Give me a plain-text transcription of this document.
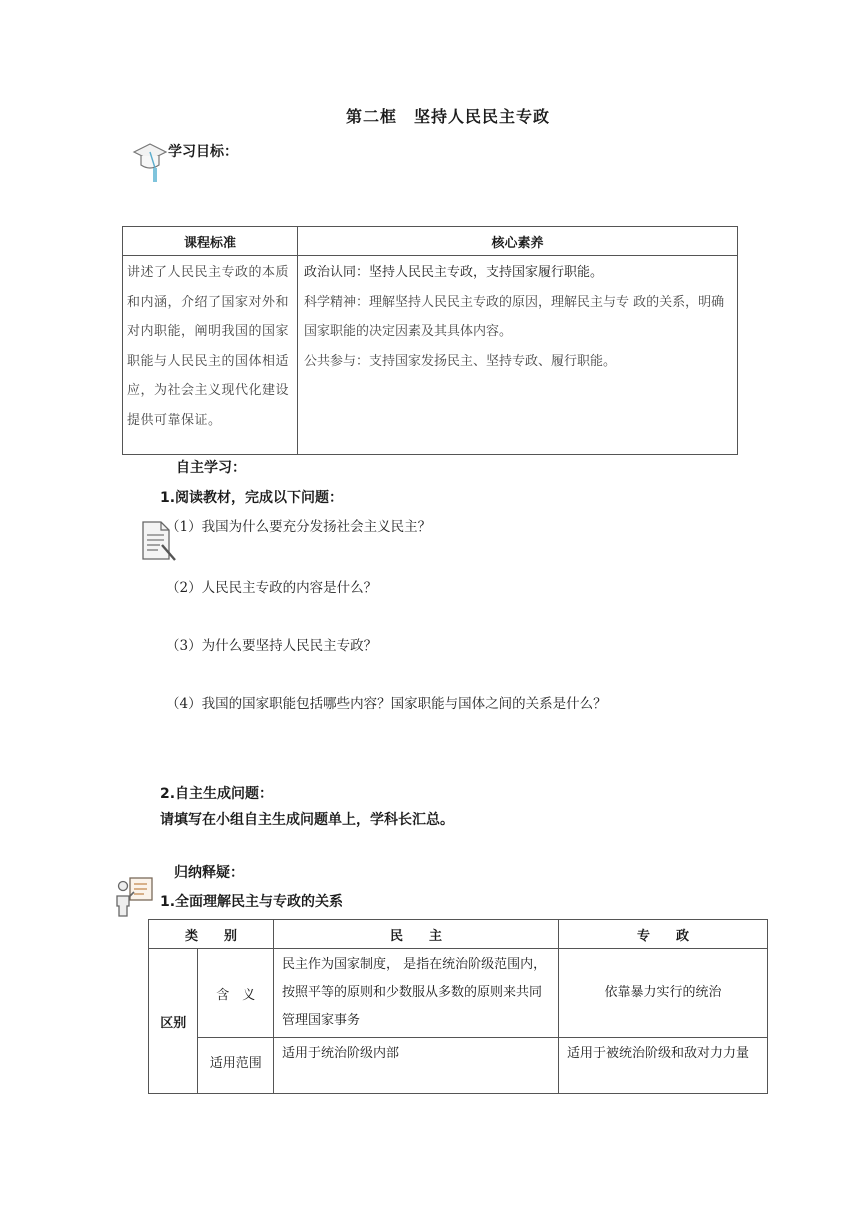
第二框　坚持人民民主专政
学习目标：
课程标准	核心素养
讲述了人民民主专政的本质和内涵，介绍了国家对外和对内职能，阐明我国的国家职能与人民民主的国体相适应，为社会主义现代化建设提供可靠保证。	政治认同：坚持人民民主专政，支持国家履行职能。
科学精神：理解坚持人民民主专政的原因，理解民主与专 政的关系，明确国家职能的决定因素及其具体内容。
公共参与：支持国家发扬民主、坚持专政、履行职能。
自主学习：
1.阅读教材，完成以下问题：
（1）我国为什么要充分发扬社会主义民主？
（2）人民民主专政的内容是什么？
（3）为什么要坚持人民民主专政？
（4）我国的国家职能包括哪些内容？国家职能与国体之间的关系是什么？
2.自主生成问题：
请填写在小组自主生成问题单上，学科长汇总。
归纳释疑：
1.全面理解民主与专政的关系
类　　别		民　　主	专　　政
区别	含　义	民主作为国家制度， 是指在统治阶级范围内，按照平等的原则和少数服从多数的原则来共同管理国家事务	依靠暴力实行的统治
	适用范围	适用于统治阶级内部	适用于被统治阶级和敌对力力量
